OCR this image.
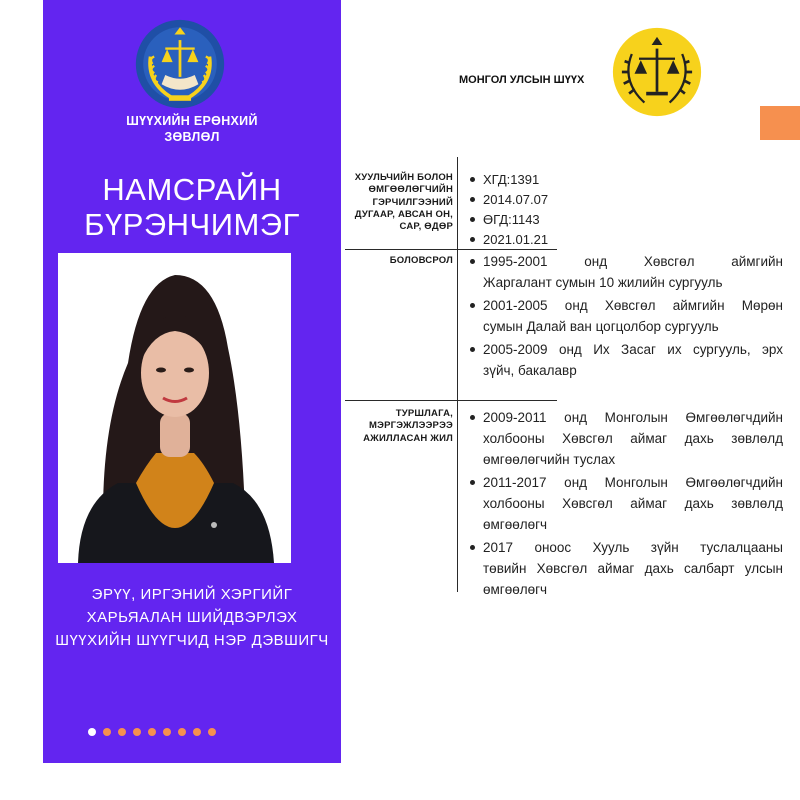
ШҮҮХИЙН ЕРӨНХИЙ
ЗӨВЛӨЛ
НАМСРАЙН
БҮРЭНЧИМЭГ
ЭРҮҮ, ИРГЭНИЙ ХЭРГИЙГ
ХАРЬЯАЛАН ШИЙДВЭРЛЭХ
ШҮҮХИЙН ШҮҮГЧИД НЭР ДЭВШИГЧ
МОНГОЛ УЛСЫН ШҮҮХ
ХУУЛЬЧИЙН БОЛОН
ӨМГӨӨЛӨГЧИЙН
ГЭРЧИЛГЭЭНИЙ
ДУГААР, АВСАН ОН,
САР, ӨДӨР
ХГД:1391
2014.07.07
ӨГД:1143
2021.01.21
БОЛОВСРОЛ 1995-2001 онд Хөвсгөл аймгийн
Жаргалант сумын 10 жилийн сургууль
2001-2005 онд Хөвсгөл аймгийн Мөрөн
сумын Далай ван цогцолбор сургууль
2005-2009 онд Их Засаг их сургууль, эрх
зүйч, бакалавр
ТУРШЛАГА,
МЭРГЭЖЛЭЭРЭЭ
АЖИЛЛАСАН ЖИЛ
2009-2011 онд Монголын Өмгөөлөгчдийн
холбооны Хөвсгөл аймаг дахь зөвлөлд
өмгөөлөгчийн туслах
2011-2017 онд Монголын Өмгөөлөгчдийн
холбооны Хөвсгөл аймаг дахь зөвлөлд
өмгөөлөгч
2017 оноос Хууль зүйн туслалцааны
төвийн Хөвсгөл аймаг дахь салбарт улсын
өмгөөлөгч
